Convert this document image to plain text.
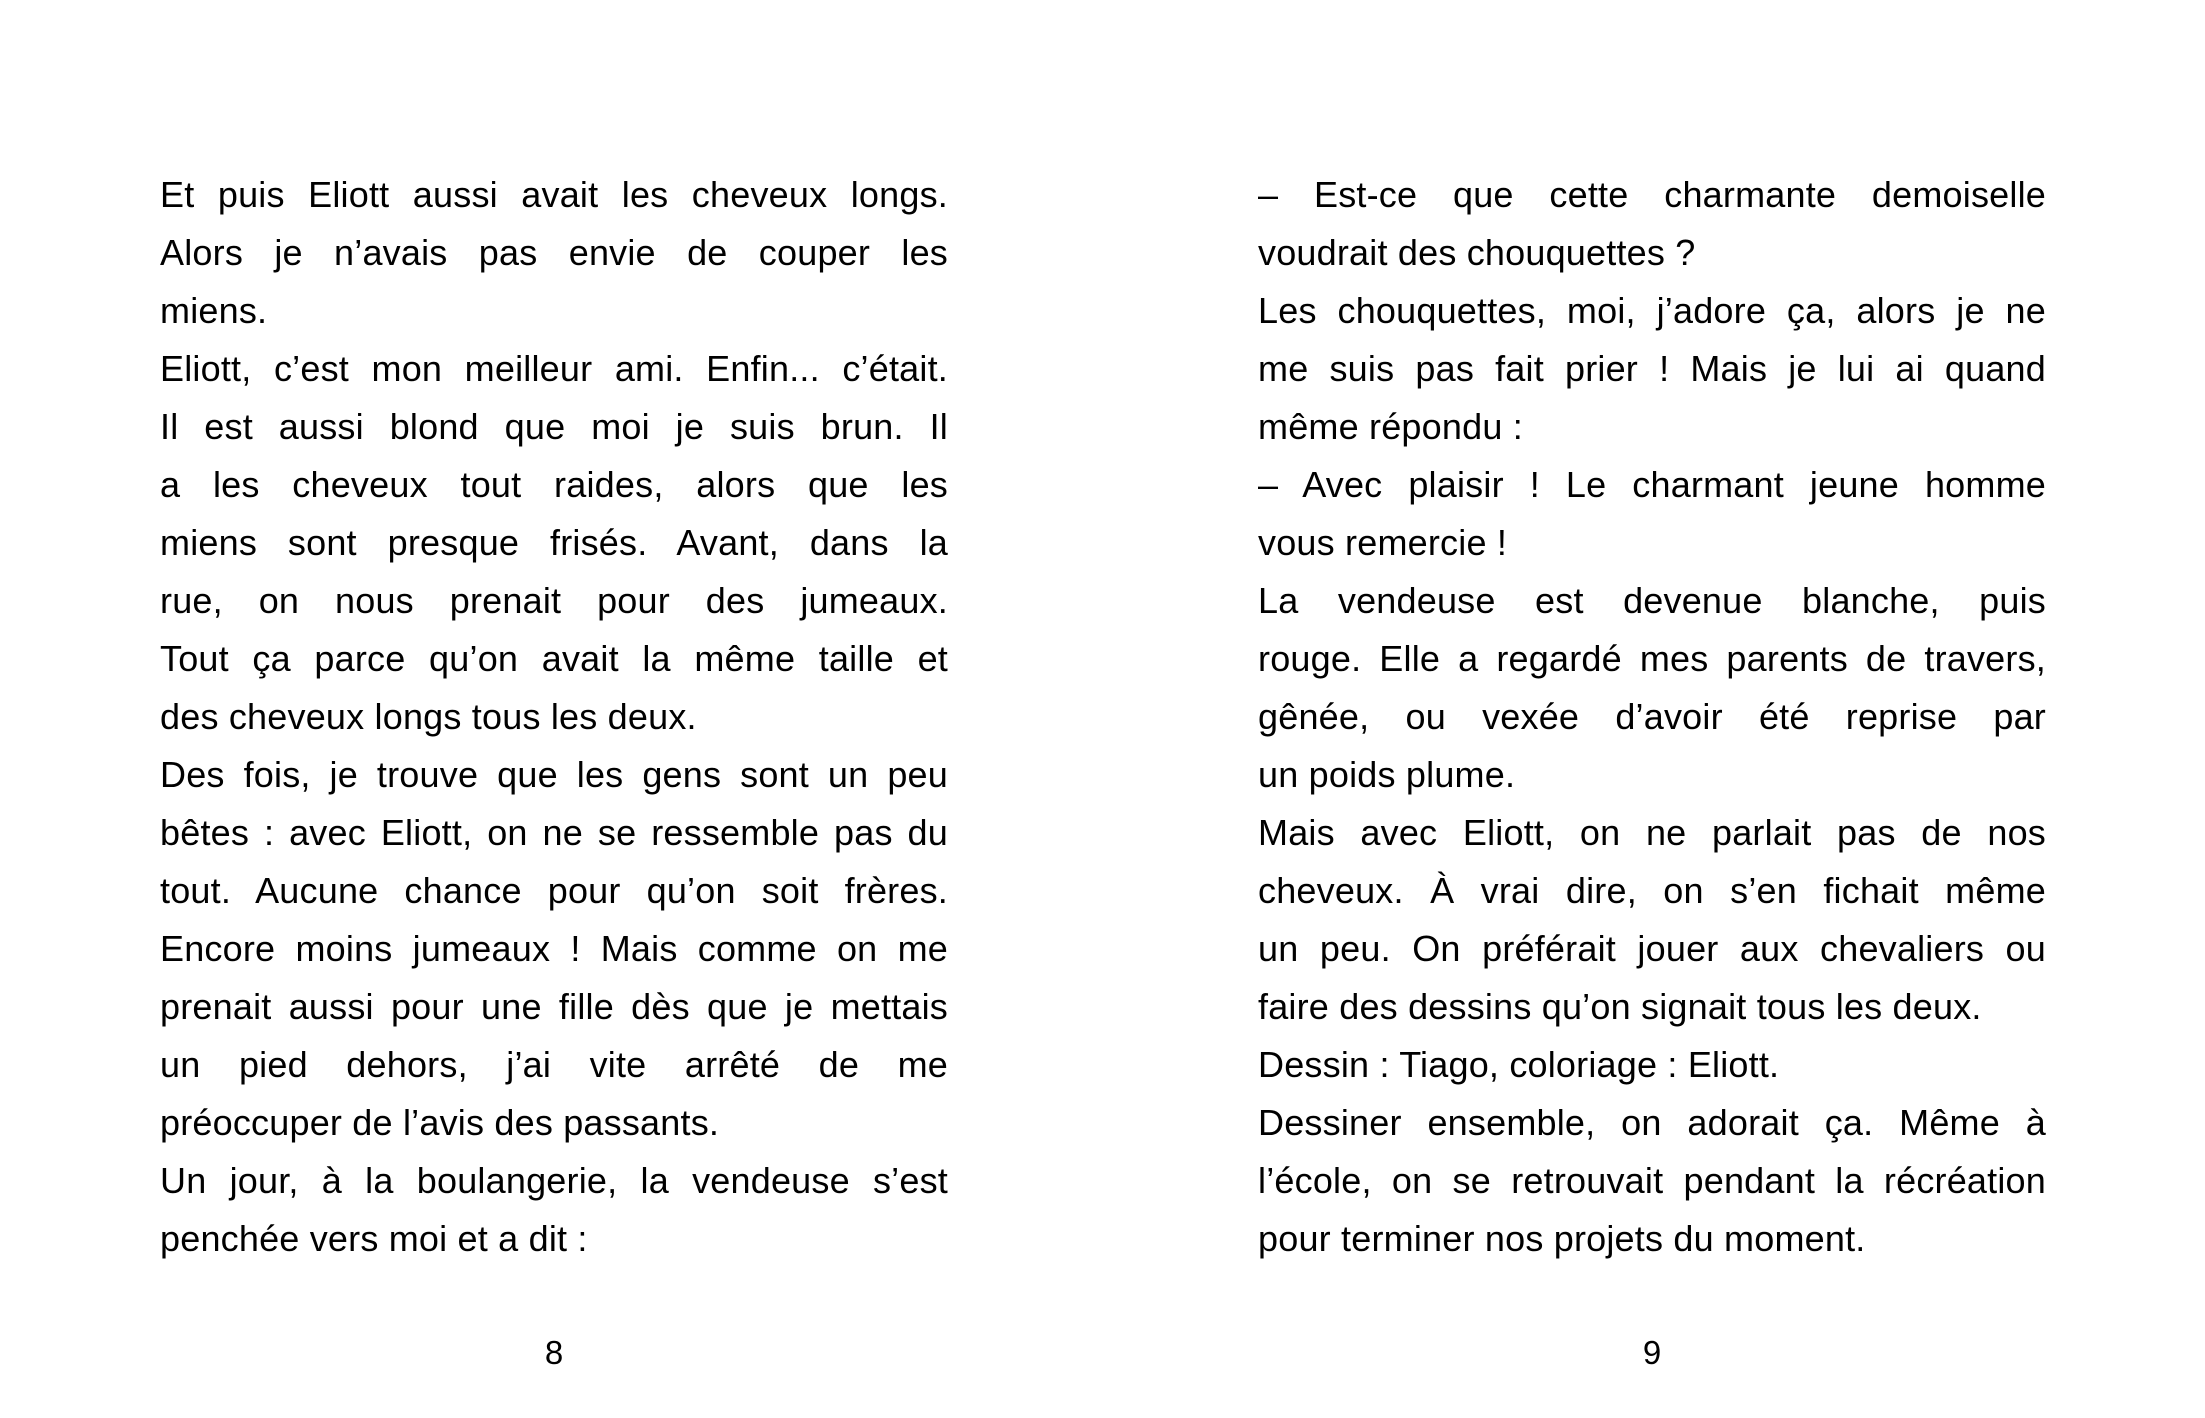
Et puis Eliott aussi avait les cheveux longs.
Alors je n’avais pas envie de couper les
miens.
Eliott, c’est mon meilleur ami. Enfin... c’était.
Il est aussi blond que moi je suis brun. Il
a les cheveux tout raides, alors que les
miens sont presque frisés. Avant, dans la
rue, on nous prenait pour des jumeaux.
Tout ça parce qu’on avait la même taille et
des cheveux longs tous les deux.
Des fois, je trouve que les gens sont un peu
bêtes : avec Eliott, on ne se ressemble pas du
tout. Aucune chance pour qu’on soit frères.
Encore moins jumeaux ! Mais comme on me
prenait aussi pour une fille dès que je mettais
un pied dehors, j’ai vite arrêté de me
préoccuper de l’avis des passants.
Un jour, à la boulangerie, la vendeuse s’est
penchée vers moi et a dit :
– Est-ce que cette charmante demoiselle
voudrait des chouquettes ?
Les chouquettes, moi, j’adore ça, alors je ne
me suis pas fait prier ! Mais je lui ai quand
même répondu :
– Avec plaisir ! Le charmant jeune homme
vous remercie !
La vendeuse est devenue blanche, puis
rouge. Elle a regardé mes parents de travers,
gênée, ou vexée d’avoir été reprise par
un poids plume.
Mais avec Eliott, on ne parlait pas de nos
cheveux. À vrai dire, on s’en fichait même
un peu. On préférait jouer aux chevaliers ou
faire des dessins qu’on signait tous les deux.
Dessin : Tiago, coloriage : Eliott.
Dessiner ensemble, on adorait ça. Même à
l’école, on se retrouvait pendant la récréation
pour terminer nos projets du moment.
8	9
